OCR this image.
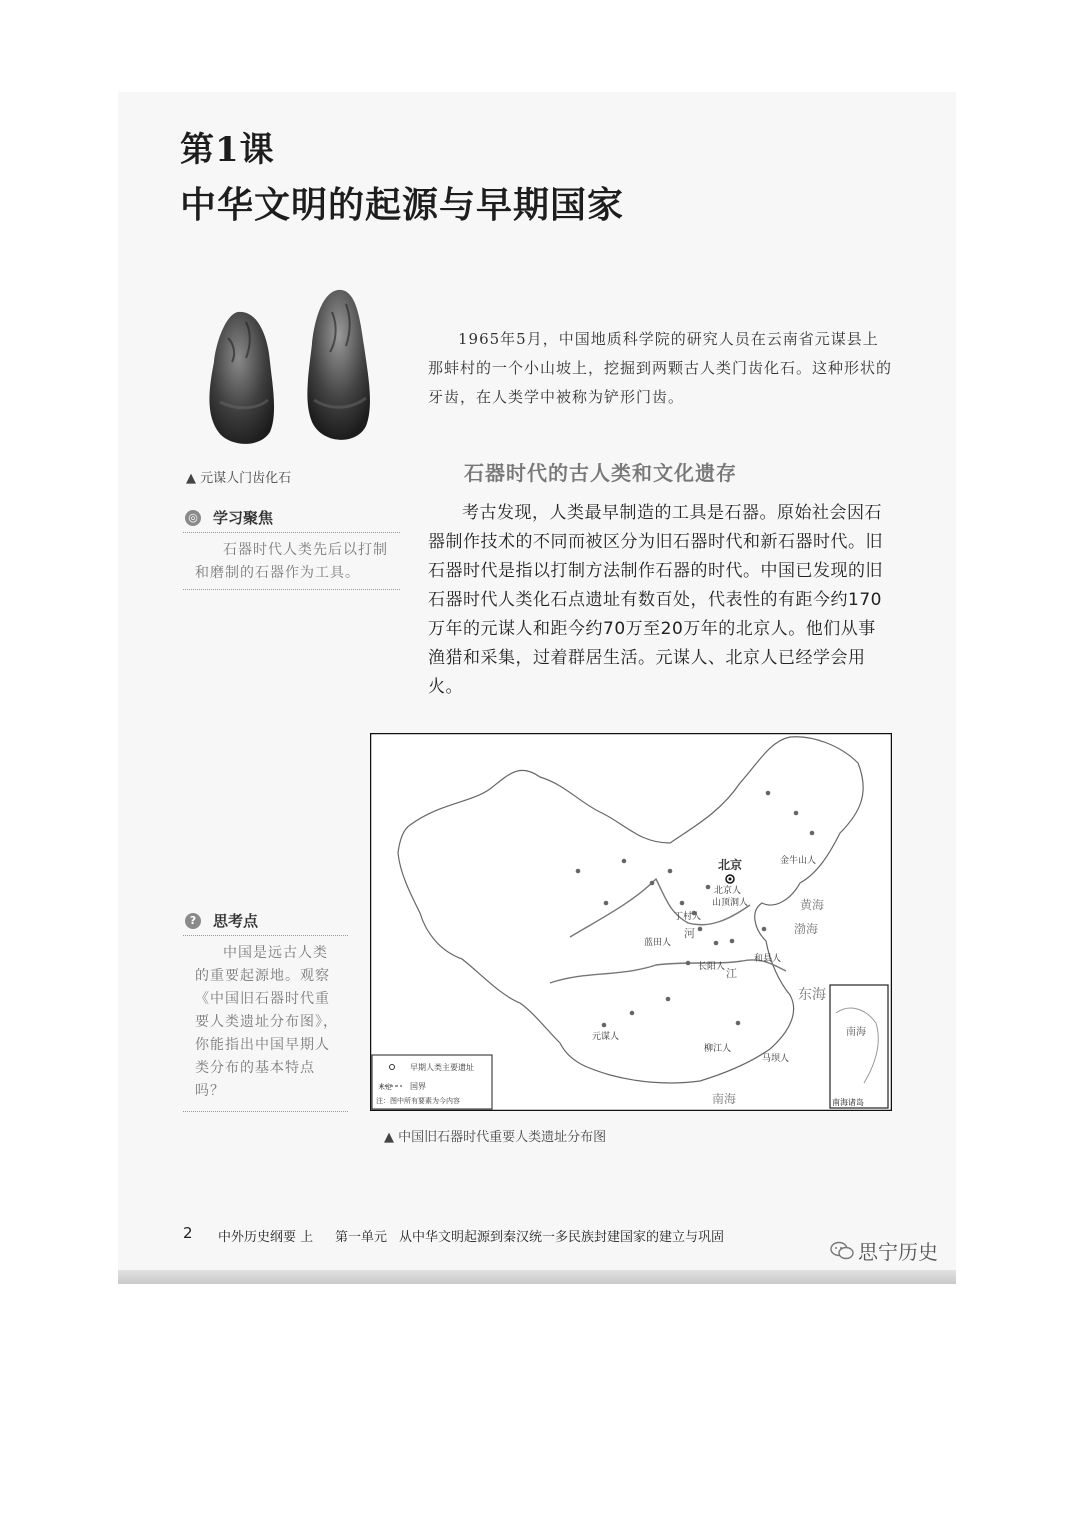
第1课
中华文明的起源与早期国家
▲ 元谋人门齿化石
◎ 学习聚焦
石器时代人类先后以打制和磨制的石器作为工具。

1965年5月，中国地质科学院的研究人员在云南省元谋县上那蚌村的一个小山坡上，挖掘到两颗古人类门齿化石。这种形状的牙齿，在人类学中被称为铲形门齿。

石器时代的古人类和文化遗存

考古发现，人类最早制造的工具是石器。原始社会因石器制作技术的不同而被区分为旧石器时代和新石器时代。旧石器时代是指以打制方法制作石器的时代。中国已发现的旧石器时代人类化石点遗址有数百处，代表性的有距今约170万年的元谋人和距今约70万至20万年的北京人。他们从事渔猎和采集，过着群居生活。元谋人、北京人已经学会用火。

?	思考点
中国是远古人类的重要起源地。观察《中国旧石器时代重要人类遗址分布图》，你能指出中国早期人类分布的基本特点吗？
北京	金牛山人
北京人
山顶洞人
丁村人
蓝田人
和县人
长阳人
元谋人
柳江人
马坝人
渤海
黄海
东海
南海
河
江
南海
南海诸岛
早期人类主要遗址
未定 国界
注：图中所有要素为今内容
▲ 中国旧石器时代重要人类遗址分布图
2 中外历史纲要 上 第一单元 从中华文明起源到秦汉统一多民族封建国家的建立与巩固
思宁历史
